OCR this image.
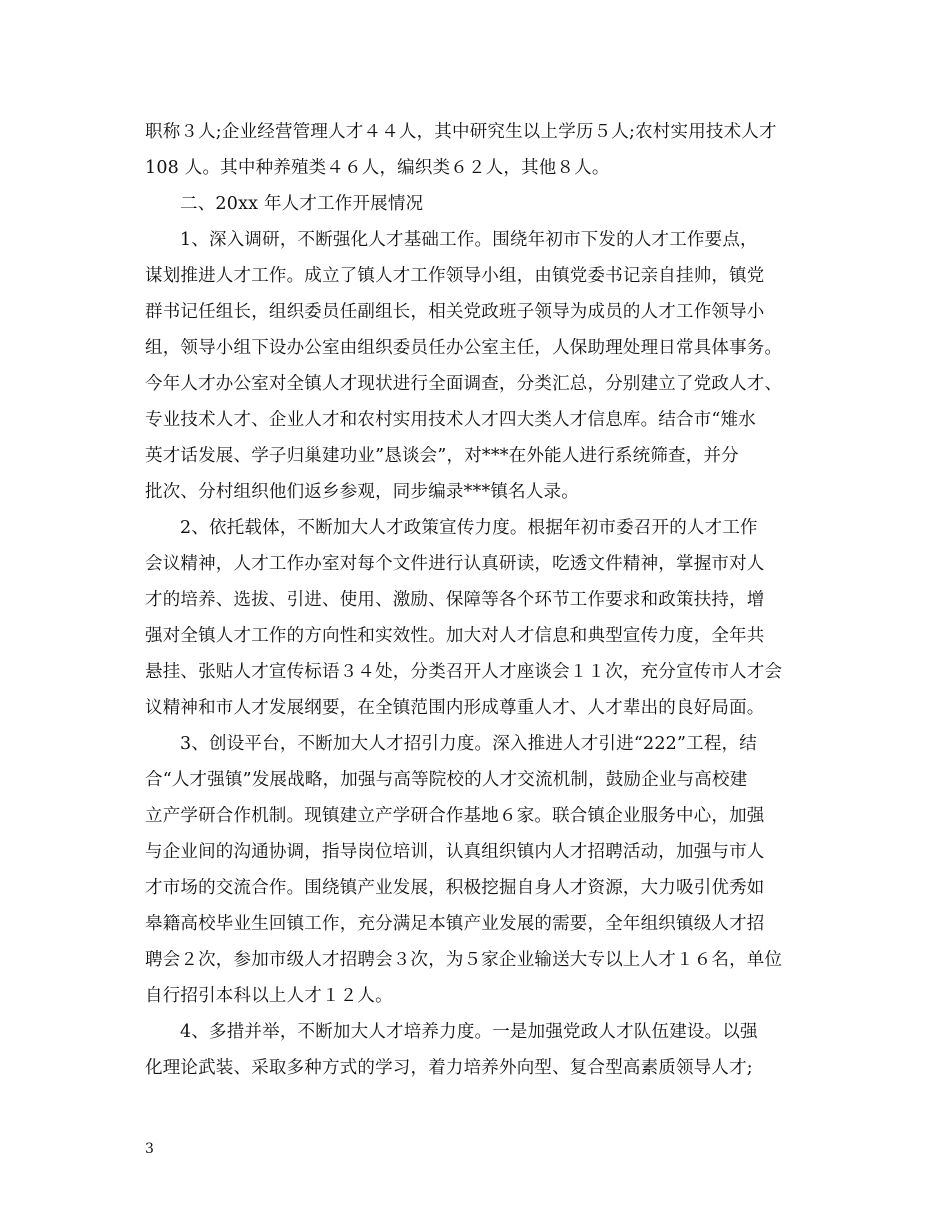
职称３人;企业经营管理人才４４人，其中研究生以上学历５人;农村实用技术人才
108 人。其中种养殖类４６人，编织类６２人，其他８人。
二、20xx 年人才工作开展情况
1、深入调研，不断强化人才基础工作。围绕年初市下发的人才工作要点，
谋划推进人才工作。成立了镇人才工作领导小组，由镇党委书记亲自挂帅，镇党
群书记任组长，组织委员任副组长，相关党政班子领导为成员的人才工作领导小
组，领导小组下设办公室由组织委员任办公室主任，人保助理处理日常具体事务。
今年人才办公室对全镇人才现状进行全面调查，分类汇总，分别建立了党政人才、
专业技术人才、企业人才和农村实用技术人才四大类人才信息库。结合市“雉水
英才话发展、学子归巢建功业”恳谈会”，对***在外能人进行系统筛查，并分
批次、分村组织他们返乡参观，同步编录***镇名人录。
2、依托载体，不断加大人才政策宣传力度。根据年初市委召开的人才工作
会议精神，人才工作办室对每个文件进行认真研读，吃透文件精神，掌握市对人
才的培养、选拔、引进、使用、激励、保障等各个环节工作要求和政策扶持，增
强对全镇人才工作的方向性和实效性。加大对人才信息和典型宣传力度，全年共
悬挂、张贴人才宣传标语３４处，分类召开人才座谈会１１次，充分宣传市人才会
议精神和市人才发展纲要，在全镇范围内形成尊重人才、人才辈出的良好局面。
3、创设平台，不断加大人才招引力度。深入推进人才引进“222”工程，结
合“人才强镇”发展战略，加强与高等院校的人才交流机制，鼓励企业与高校建
立产学研合作机制。现镇建立产学研合作基地６家。联合镇企业服务中心，加强
与企业间的沟通协调，指导岗位培训，认真组织镇内人才招聘活动，加强与市人
才市场的交流合作。围绕镇产业发展，积极挖掘自身人才资源，大力吸引优秀如
皋籍高校毕业生回镇工作，充分满足本镇产业发展的需要，全年组织镇级人才招
聘会２次，参加市级人才招聘会３次，为５家企业输送大专以上人才１６名，单位
自行招引本科以上人才１２人。
4、多措并举，不断加大人才培养力度。一是加强党政人才队伍建设。以强
化理论武装、采取多种方式的学习，着力培养外向型、复合型高素质领导人才;
3
